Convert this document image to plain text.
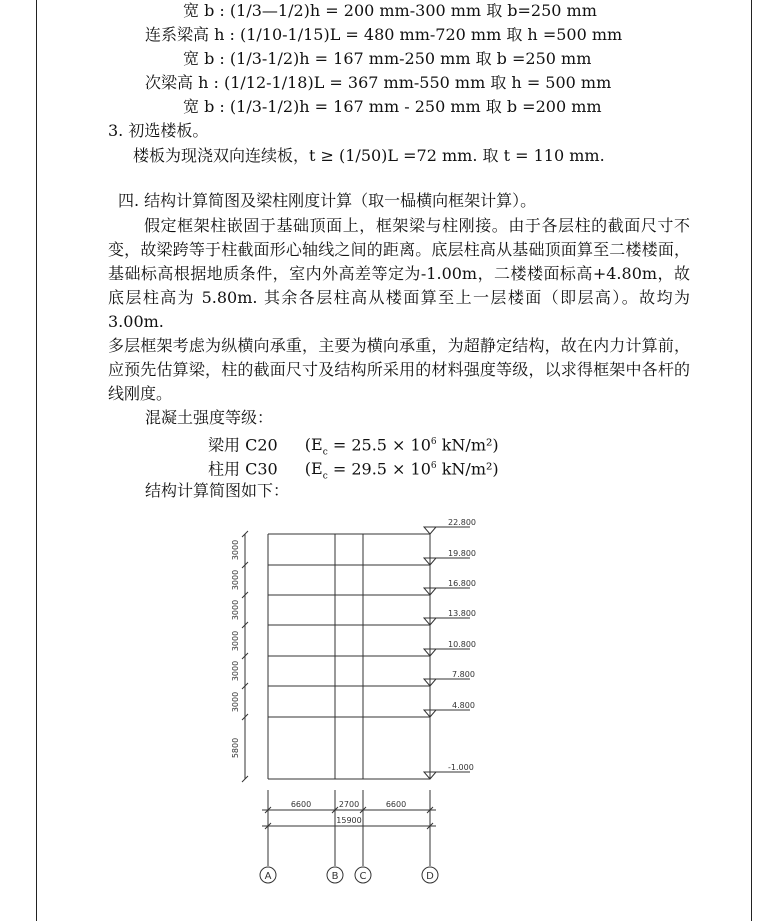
宽 b : (1/3—1/2)h = 200 mm-300 mm 取 b=250 mm
连系梁高 h : (1/10-1/15)L = 480 mm-720 mm 取 h =500 mm
宽 b : (1/3-1/2)h = 167 mm-250 mm 取 b =250 mm
次梁高 h : (1/12-1/18)L = 367 mm-550 mm 取 h = 500 mm
宽 b : (1/3-1/2)h = 167 mm - 250 mm 取 b =200 mm
3. 初选楼板。
楼板为现浇双向连续板，t ≥ (1/50)L =72 mm. 取 t = 110 mm.
四. 结构计算简图及梁柱刚度计算（取一榀横向框架计算）。
假定框架柱嵌固于基础顶面上，框架梁与柱刚接。由于各层柱的截面尺寸不变，故梁跨等于柱截面形心轴线之间的距离。底层柱高从基础顶面算至二楼楼面，基础标高根据地质条件，室内外高差等定为-1.00m，二楼楼面标高+4.80m，故底层柱高为 5.80m. 其余各层柱高从楼面算至上一层楼面（即层高）。故均为 3.00m.
多层框架考虑为纵横向承重，主要为横向承重，为超静定结构，故在内力计算前，应预先估算梁，柱的截面尺寸及结构所采用的材料强度等级，以求得框架中各杆的线刚度。
混凝土强度等级：
梁用 C20 ($E_c = 25.5 \times 10^6$ kN/m²)
柱用 C30 ($E_c = 29.5 \times 10^6$ kN/m²)
结构计算简图如下：
3000
3000
3000
3000
3000
3000
5800
22.800
19.800
16.800
13.800
10.800
7.800
4.800
-1.000
6600	2700	6600
15900
A	B C	D
